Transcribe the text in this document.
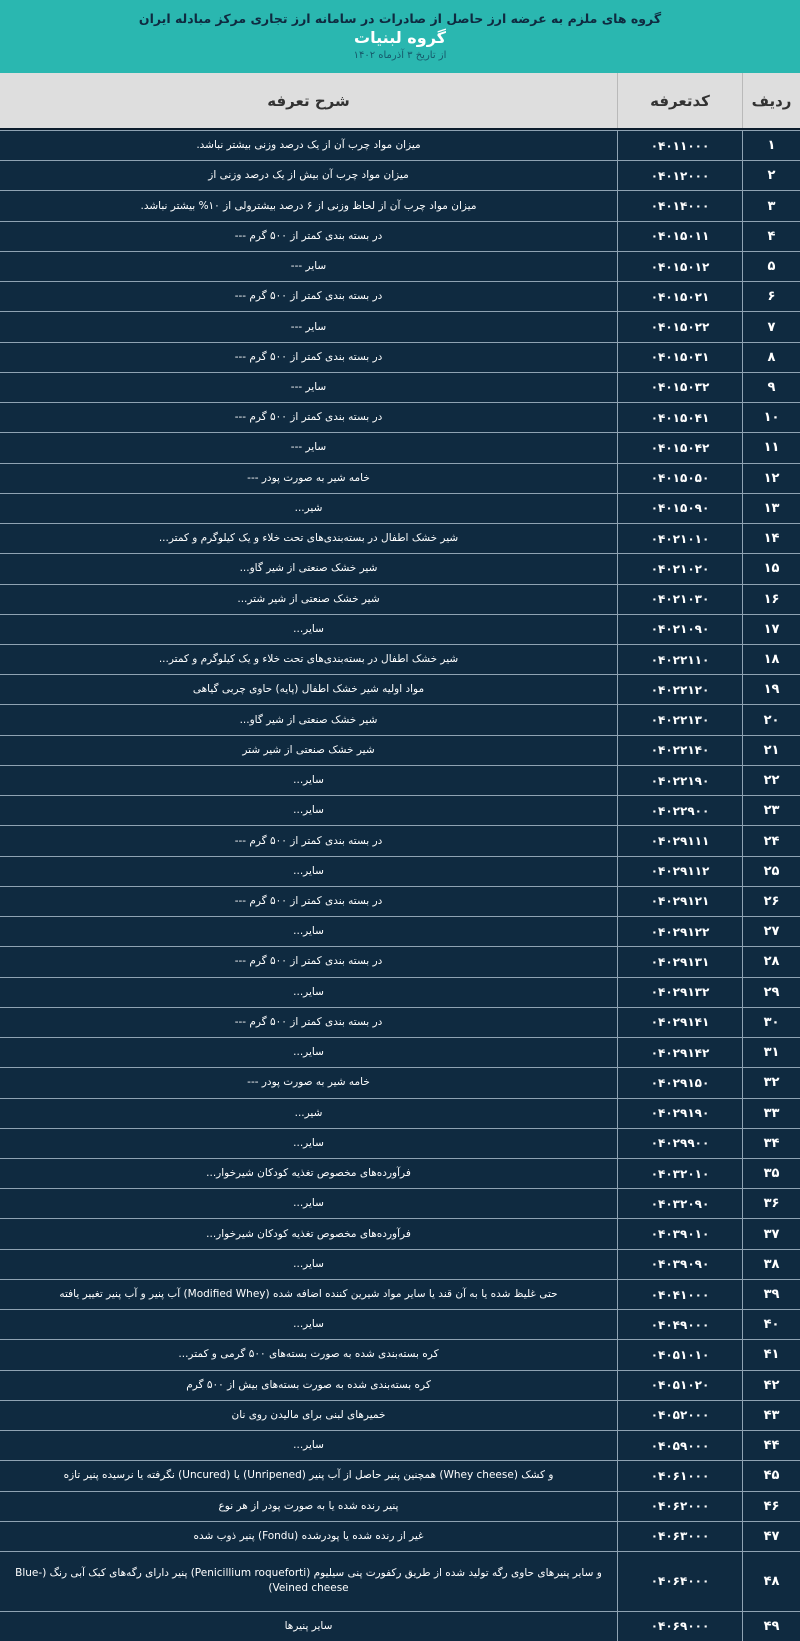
گروه های ملزم به عرضه ارز حاصل از صادرات در سامانه ارز تجاری مرکز مبادله ایران
گروه لبنیات
از تاریخ ۳ آذرماه ۱۴۰۲
ردیف
کدتعرفه
شرح تعرفه
۱
۰۴۰۱۱۰۰۰
میزان مواد چرب آن از یک درصد وزنی بیشتر نباشد.
۲
۰۴۰۱۲۰۰۰
میزان مواد چرب آن بیش از یک درصد وزنی از
۳
۰۴۰۱۴۰۰۰
میزان مواد چرب آن از لحاظ وزنی از ۶ درصد بیشترولی از ۱۰% بیشتر نباشد.
۴
۰۴۰۱۵۰۱۱
در بسته بندی کمتر از ۵۰۰ گرم ---
۵
۰۴۰۱۵۰۱۲
سایر ---
۶
۰۴۰۱۵۰۲۱
در بسته بندی کمتر از ۵۰۰ گرم ---
۷
۰۴۰۱۵۰۲۲
سایر ---
۸
۰۴۰۱۵۰۳۱
در بسته بندی کمتر از ۵۰۰ گرم ---
۹
۰۴۰۱۵۰۳۲
سایر ---
۱۰
۰۴۰۱۵۰۴۱
در بسته بندی کمتر از ۵۰۰ گرم ---
۱۱
۰۴۰۱۵۰۴۲
سایر ---
۱۲
۰۴۰۱۵۰۵۰
خامه شیر به صورت پودر ---
۱۳
۰۴۰۱۵۰۹۰
شیر...
۱۴
۰۴۰۲۱۰۱۰
شیر خشک اطفال در بسته‌بندی‌های تحت خلاء و یک کیلوگرم و کمتر...
۱۵
۰۴۰۲۱۰۲۰
شیر خشک صنعتی از شیر گاو...
۱۶
۰۴۰۲۱۰۳۰
شیر خشک صنعتی از شیر شتر...
۱۷
۰۴۰۲۱۰۹۰
سایر...
۱۸
۰۴۰۲۲۱۱۰
شیر خشک اطفال در بسته‌بندی‌های تحت خلاء و یک کیلوگرم و کمتر...
۱۹
۰۴۰۲۲۱۲۰
مواد اولیه شیر خشک اطفال (پایه) حاوی چربی گیاهی
۲۰
۰۴۰۲۲۱۳۰
شیر خشک صنعتی از شیر گاو...
۲۱
۰۴۰۲۲۱۴۰
شیر خشک صنعتی از شیر شتر
۲۲
۰۴۰۲۲۱۹۰
سایر...
۲۳
۰۴۰۲۲۹۰۰
سایر...
۲۴
۰۴۰۲۹۱۱۱
در بسته بندی کمتر از ۵۰۰ گرم ---
۲۵
۰۴۰۲۹۱۱۲
سایر...
۲۶
۰۴۰۲۹۱۲۱
در بسته بندی کمتر از ۵۰۰ گرم ---
۲۷
۰۴۰۲۹۱۲۲
سایر...
۲۸
۰۴۰۲۹۱۳۱
در بسته بندی کمتر از ۵۰۰ گرم ---
۲۹
۰۴۰۲۹۱۳۲
سایر...
۳۰
۰۴۰۲۹۱۴۱
در بسته بندی کمتر از ۵۰۰ گرم ---
۳۱
۰۴۰۲۹۱۴۲
سایر...
۳۲
۰۴۰۲۹۱۵۰
خامه شیر به صورت پودر ---
۳۳
۰۴۰۲۹۱۹۰
شیر...
۳۴
۰۴۰۲۹۹۰۰
سایر...
۳۵
۰۴۰۳۲۰۱۰
فرآورده‌های مخصوص تغذیه کودکان شیرخوار...
۳۶
۰۴۰۳۲۰۹۰
سایر...
۳۷
۰۴۰۳۹۰۱۰
فرآورده‌های مخصوص تغذیه کودکان شیرخوار...
۳۸
۰۴۰۳۹۰۹۰
سایر...
۳۹
۰۴۰۴۱۰۰۰
حتی غلیظ شده یا به آن قند یا سایر مواد شیرین کننده اضافه شده (Modified Whey) آب پنیر و آب پنیر تغییر یافته
۴۰
۰۴۰۴۹۰۰۰
سایر...
۴۱
۰۴۰۵۱۰۱۰
کره بسته‌بندی شده به صورت بسته‌های ۵۰۰ گرمی و کمتر...
۴۲
۰۴۰۵۱۰۲۰
کره بسته‌بندی شده به صورت بسته‌های بیش از ۵۰۰ گرم
۴۳
۰۴۰۵۲۰۰۰
خمیرهای لبنی برای مالیدن روی نان
۴۴
۰۴۰۵۹۰۰۰
سایر...
۴۵
۰۴۰۶۱۰۰۰
و کشک (Whey cheese) همچنین پنیر حاصل از آب پنیر (Unripened) یا (Uncured) نگرفته یا نرسیده پنیر تازه
۴۶
۰۴۰۶۲۰۰۰
پنیر رنده شده یا به صورت پودر از هر نوع
۴۷
۰۴۰۶۳۰۰۰
غیر از رنده شده یا پودرشده (Fondu) پنیر ذوب شده
۴۸
۰۴۰۶۴۰۰۰
و سایر پنیرهای حاوی رگه تولید شده از طریق رکفورت پنی سیلیوم (Penicillium roqueforti) پنیر دارای رگه‌های کبک آبی رنگ (Blue-Veined cheese)
۴۹
۰۴۰۶۹۰۰۰
سایر پنیرها
